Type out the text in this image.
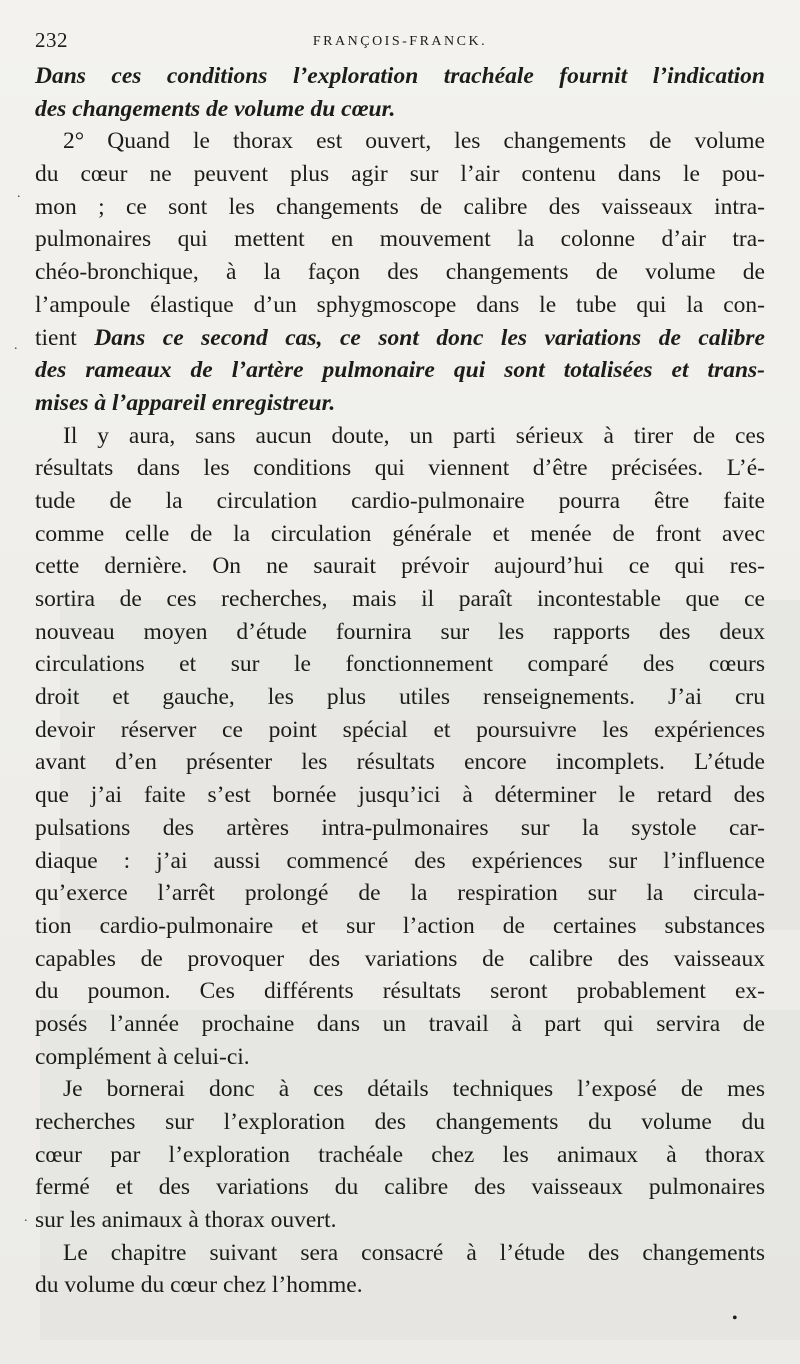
232	FRANÇOIS-FRANCK.
Dans ces conditions l’exploration trachéale fournit l’indication
des changements de volume du cœur.
2° Quand le thorax est ouvert, les changements de volume
du cœur ne peuvent plus agir sur l’air contenu dans le pou-
mon ; ce sont les changements de calibre des vaisseaux intra-
pulmonaires qui mettent en mouvement la colonne d’air tra-
chéo-bronchique, à la façon des changements de volume de
l’ampoule élastique d’un sphygmoscope dans le tube qui la con-
tient Dans ce second cas, ce sont donc les variations de calibre
des rameaux de l’artère pulmonaire qui sont totalisées et trans-
mises à l’appareil enregistreur.
Il y aura, sans aucun doute, un parti sérieux à tirer de ces
résultats dans les conditions qui viennent d’être précisées. L’é-
tude de la circulation cardio-pulmonaire pourra être faite
comme celle de la circulation générale et menée de front avec
cette dernière. On ne saurait prévoir aujourd’hui ce qui res-
sortira de ces recherches, mais il paraît incontestable que ce
nouveau moyen d’étude fournira sur les rapports des deux
circulations et sur le fonctionnement comparé des cœurs
droit et gauche, les plus utiles renseignements. J’ai cru
devoir réserver ce point spécial et poursuivre les expériences
avant d’en présenter les résultats encore incomplets. L’étude
que j’ai faite s’est bornée jusqu’ici à déterminer le retard des
pulsations des artères intra-pulmonaires sur la systole car-
diaque : j’ai aussi commencé des expériences sur l’influence
qu’exerce l’arrêt prolongé de la respiration sur la circula-
tion cardio-pulmonaire et sur l’action de certaines substances
capables de provoquer des variations de calibre des vaisseaux
du poumon. Ces différents résultats seront probablement ex-
posés l’année prochaine dans un travail à part qui servira de
complément à celui-ci.
Je bornerai donc à ces détails techniques l’exposé de mes
recherches sur l’exploration des changements du volume du
cœur par l’exploration trachéale chez les animaux à thorax
fermé et des variations du calibre des vaisseaux pulmonaires
sur les animaux à thorax ouvert.
Le chapitre suivant sera consacré à l’étude des changements
du volume du cœur chez l’homme.
.
.
.
•
